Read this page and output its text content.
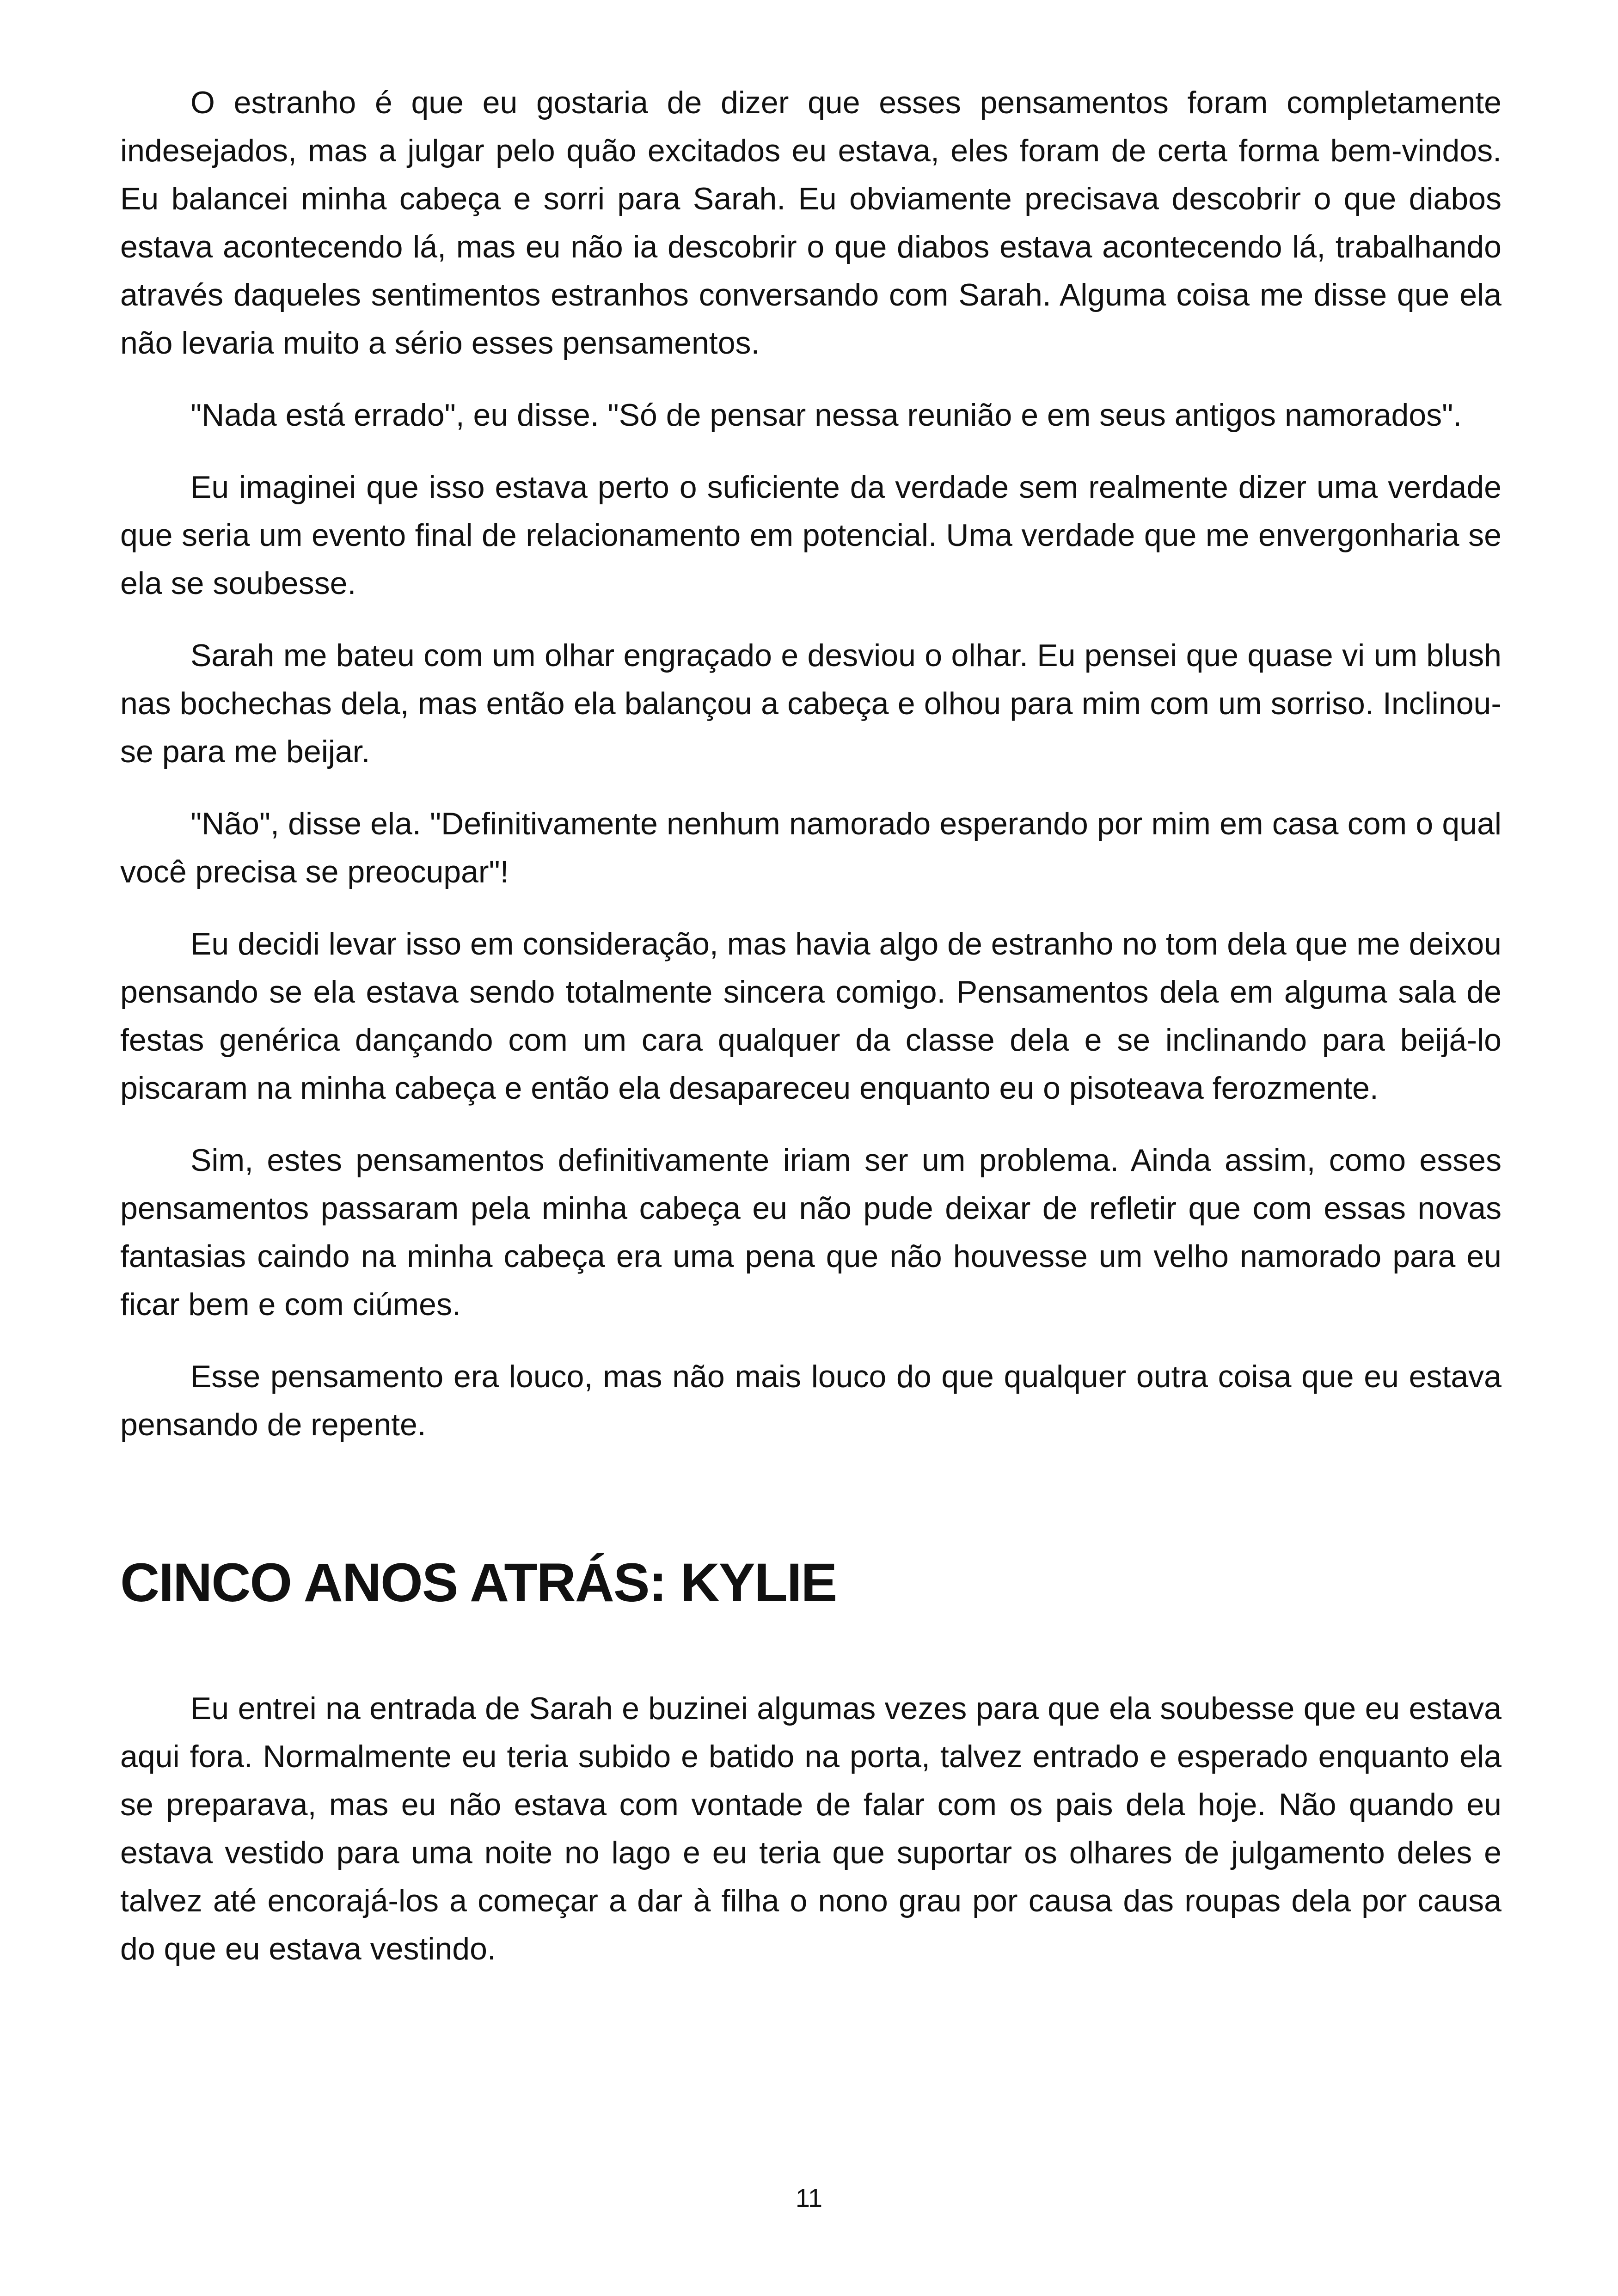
O estranho é que eu gostaria de dizer que esses pensamentos foram completamente indesejados, mas a julgar pelo quão excitados eu estava, eles foram de certa forma bem-vindos. Eu balancei minha cabeça e sorri para Sarah. Eu obviamente precisava descobrir o que diabos estava acontecendo lá, mas eu não ia descobrir o que diabos estava acontecendo lá, trabalhando através daqueles sentimentos estranhos conversando com Sarah. Alguma coisa me disse que ela não levaria muito a sério esses pensamentos.

"Nada está errado", eu disse. "Só de pensar nessa reunião e em seus antigos namorados".

Eu imaginei que isso estava perto o suficiente da verdade sem realmente dizer uma verdade que seria um evento final de relacionamento em potencial. Uma verdade que me envergonharia se ela se soubesse.

Sarah me bateu com um olhar engraçado e desviou o olhar. Eu pensei que quase vi um blush nas bochechas dela, mas então ela balançou a cabeça e olhou para mim com um sorriso. Inclinou-se para me beijar.

"Não", disse ela. "Definitivamente nenhum namorado esperando por mim em casa com o qual você precisa se preocupar"!

Eu decidi levar isso em consideração, mas havia algo de estranho no tom dela que me deixou pensando se ela estava sendo totalmente sincera comigo. Pensamentos dela em alguma sala de festas genérica dançando com um cara qualquer da classe dela e se inclinando para beijá-lo piscaram na minha cabeça e então ela desapareceu enquanto eu o pisoteava ferozmente.

Sim, estes pensamentos definitivamente iriam ser um problema. Ainda assim, como esses pensamentos passaram pela minha cabeça eu não pude deixar de refletir que com essas novas fantasias caindo na minha cabeça era uma pena que não houvesse um velho namorado para eu ficar bem e com ciúmes.

Esse pensamento era louco, mas não mais louco do que qualquer outra coisa que eu estava pensando de repente.

CINCO ANOS ATRÁS: KYLIE

Eu entrei na entrada de Sarah e buzinei algumas vezes para que ela soubesse que eu estava aqui fora. Normalmente eu teria subido e batido na porta, talvez entrado e esperado enquanto ela se preparava, mas eu não estava com vontade de falar com os pais dela hoje. Não quando eu estava vestido para uma noite no lago e eu teria que suportar os olhares de julgamento deles e talvez até encorajá-los a começar a dar à filha o nono grau por causa das roupas dela por causa do que eu estava vestindo.

11
